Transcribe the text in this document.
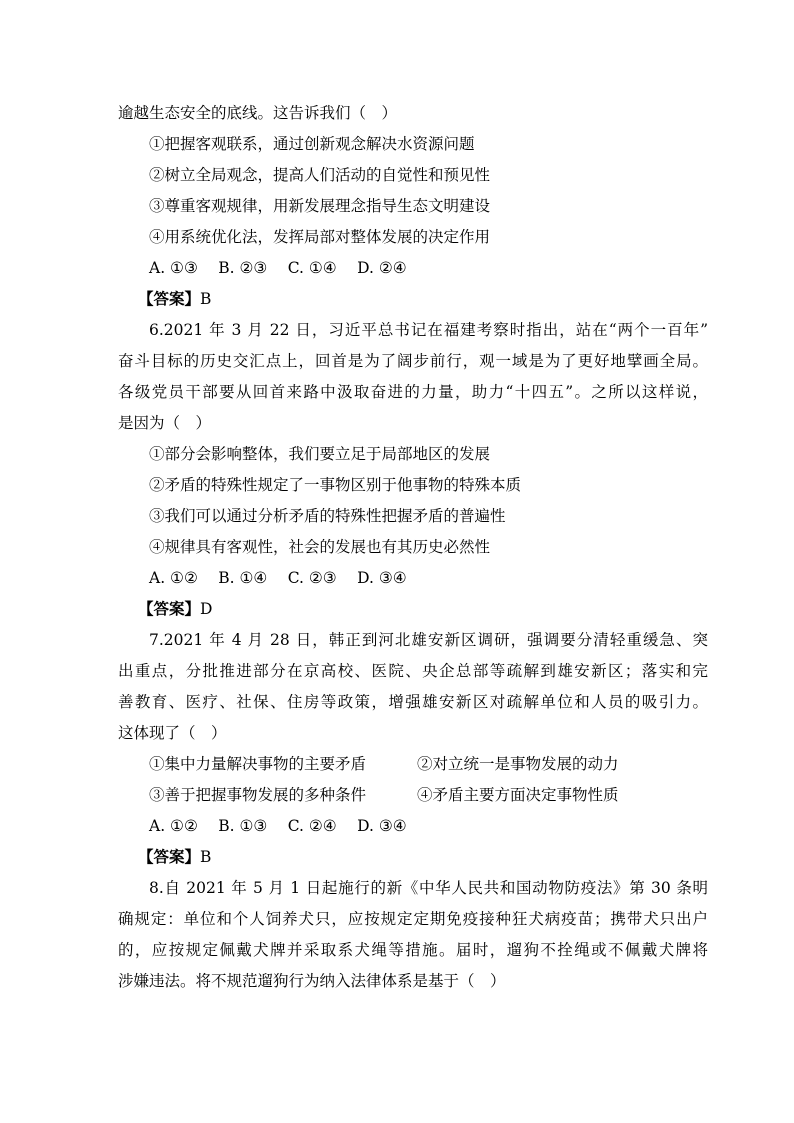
逾越生态安全的底线。这告诉我们（　）
①把握客观联系，通过创新观念解决水资源问题
②树立全局观念，提高人们活动的自觉性和预见性
③尊重客观规律，用新发展理念指导生态文明建设
④用系统优化法，发挥局部对整体发展的决定作用
A. ①③　 B. ②③　 C. ①④　 D. ②④
【答案】B
6.2021 年 3 月 22 日，习近平总书记在福建考察时指出，站在“两个一百年”
奋斗目标的历史交汇点上，回首是为了阔步前行，观一域是为了更好地擘画全局。
各级党员干部要从回首来路中汲取奋进的力量，助力“十四五”。之所以这样说，
是因为（　）
①部分会影响整体，我们要立足于局部地区的发展
②矛盾的特殊性规定了一事物区别于他事物的特殊本质
③我们可以通过分析矛盾的特殊性把握矛盾的普遍性
④规律具有客观性，社会的发展也有其历史必然性
A. ①②　 B. ①④　 C. ②③　 D. ③④
【答案】D
7.2021 年 4 月 28 日，韩正到河北雄安新区调研，强调要分清轻重缓急、突
出重点，分批推进部分在京高校、医院、央企总部等疏解到雄安新区；落实和完
善教育、医疗、社保、住房等政策，增强雄安新区对疏解单位和人员的吸引力。
这体现了（　）
①集中力量解决事物的主要矛盾	②对立统一是事物发展的动力
③善于把握事物发展的多种条件	④矛盾主要方面决定事物性质
A. ①②　 B. ①③　 C. ②④　 D. ③④
【答案】B
8.自 2021 年 5 月 1 日起施行的新《中华人民共和国动物防疫法》第 30 条明
确规定：单位和个人饲养犬只，应按规定定期免疫接种狂犬病疫苗；携带犬只出户
的，应按规定佩戴犬牌并采取系犬绳等措施。届时，遛狗不拴绳或不佩戴犬牌将
涉嫌违法。将不规范遛狗行为纳入法律体系是基于（　）
